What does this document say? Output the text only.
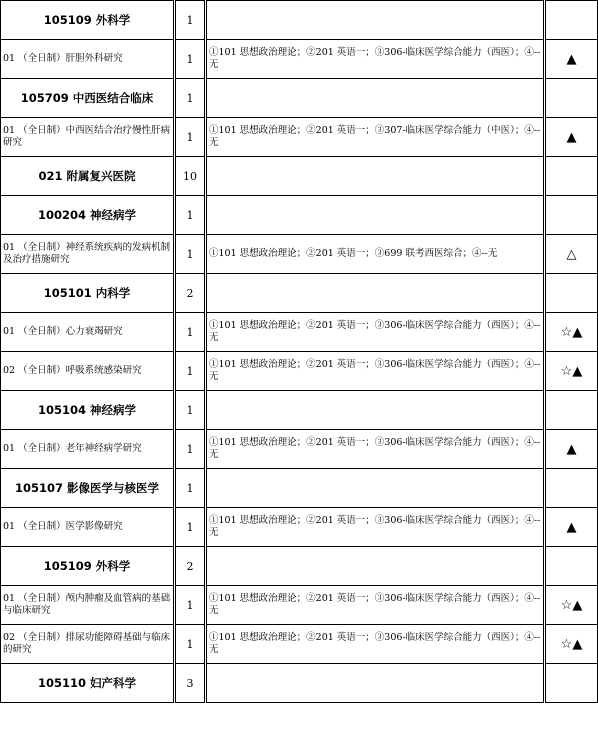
105109 外科学	1		
01 （全日制）肝胆外科研究	1	①101 思想政治理论；②201 英语一；③306-临床医学综合能力（西医）；④--无	▲
105709 中西医结合临床	1		
01 （全日制）中西医结合治疗慢性肝病研究	1	①101 思想政治理论；②201 英语一；③307-临床医学综合能力（中医）；④--无	▲
021 附属复兴医院	10		
100204 神经病学	1		
01 （全日制）神经系统疾病的发病机制及治疗措施研究	1	①101 思想政治理论；②201 英语一；③699 联考西医综合；④--无	△
105101 内科学	2		
01 （全日制）心力衰竭研究	1	①101 思想政治理论；②201 英语一；③306-临床医学综合能力（西医）；④--无	☆▲
02 （全日制）呼吸系统感染研究	1	①101 思想政治理论；②201 英语一；③306-临床医学综合能力（西医）；④--无	☆▲
105104 神经病学	1		
01 （全日制）老年神经病学研究	1	①101 思想政治理论；②201 英语一；③306-临床医学综合能力（西医）；④--无	▲
105107 影像医学与核医学	1		
01 （全日制）医学影像研究	1	①101 思想政治理论；②201 英语一；③306-临床医学综合能力（西医）；④--无	▲
105109 外科学	2		
01 （全日制）颅内肿瘤及血管病的基础与临床研究	1	①101 思想政治理论；②201 英语一；③306-临床医学综合能力（西医）；④--无	☆▲
02 （全日制）排尿功能障碍基础与临床的研究	1	①101 思想政治理论；②201 英语一；③306-临床医学综合能力（西医）；④--无	☆▲
105110 妇产科学	3		
